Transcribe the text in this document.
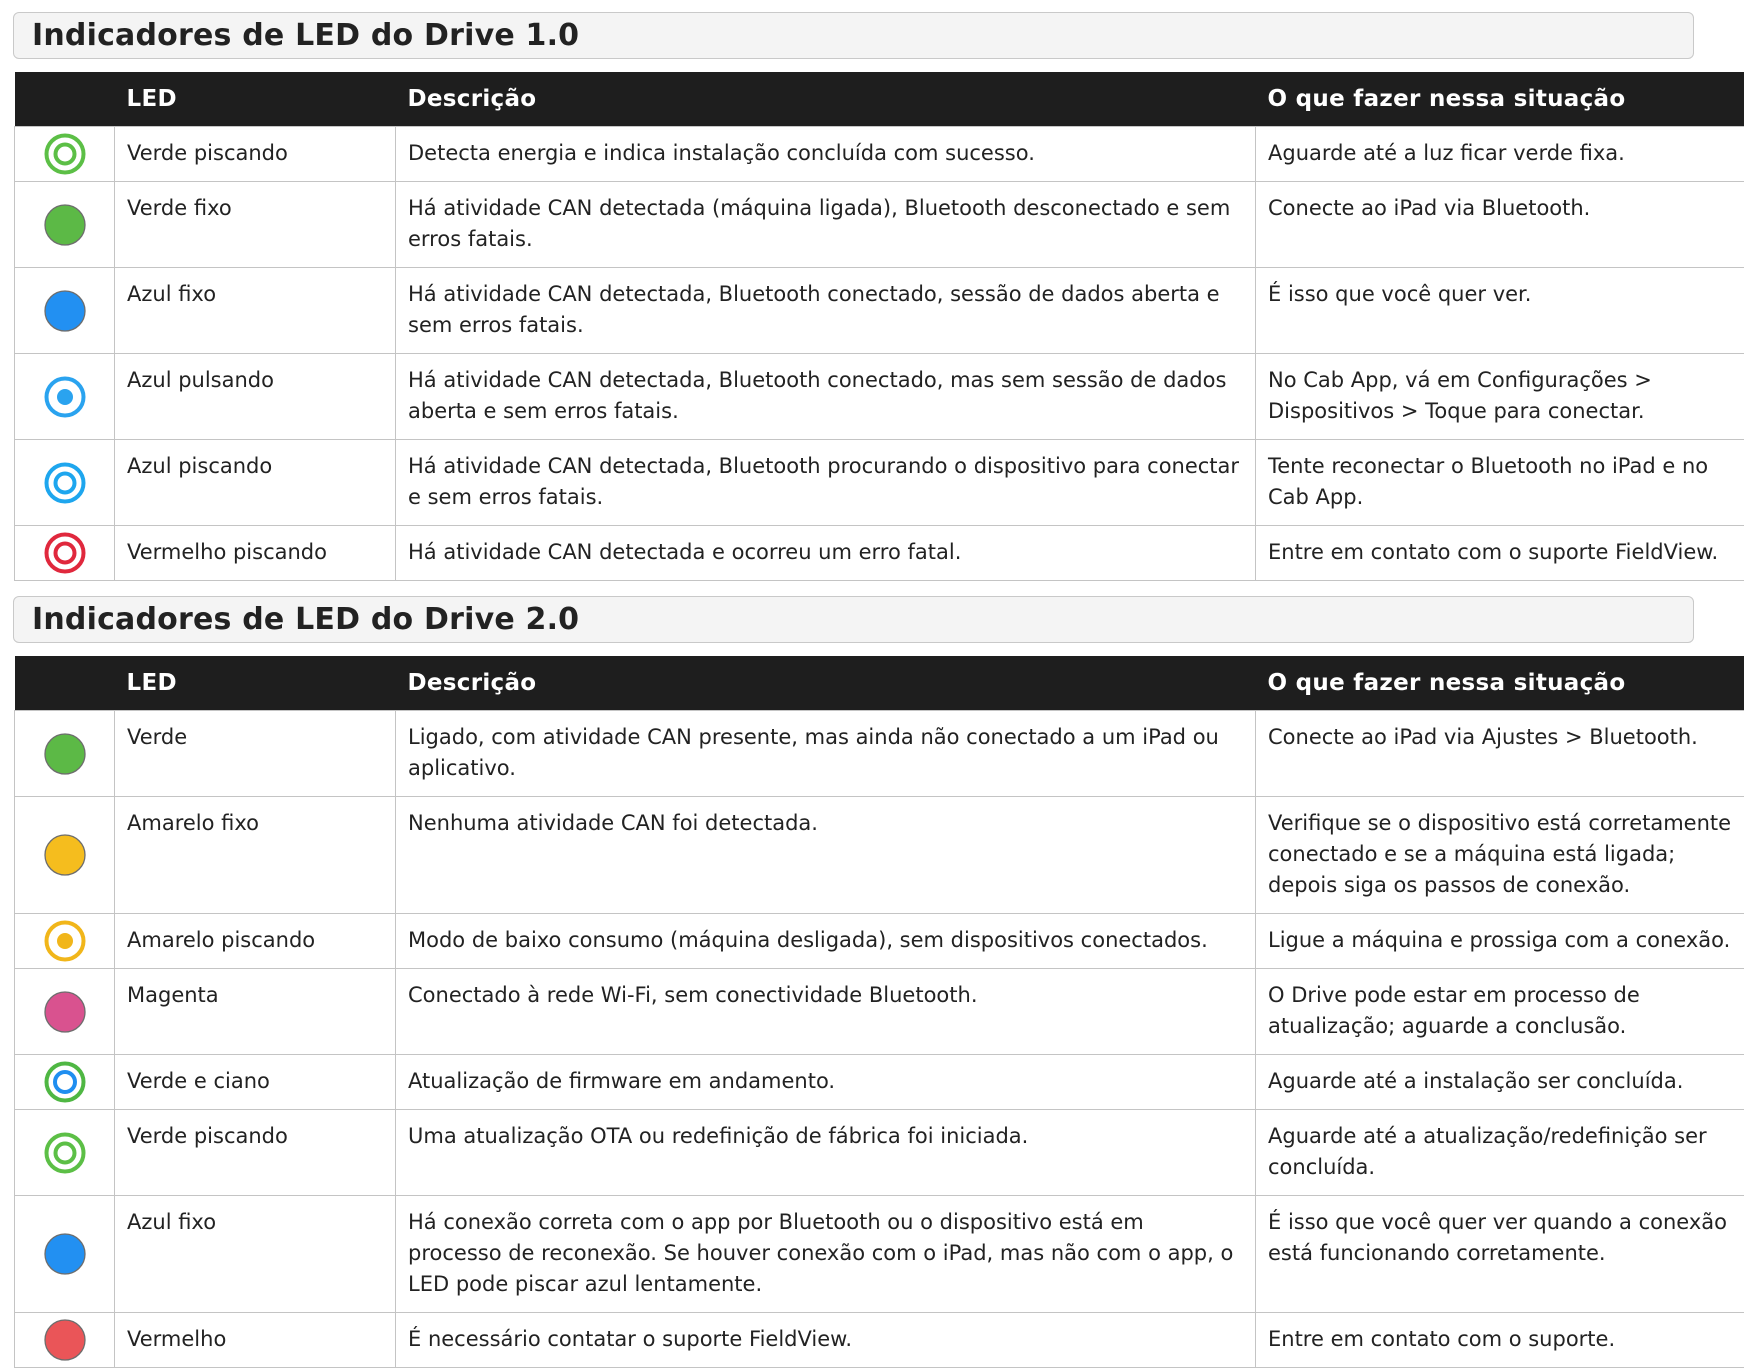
Indicadores de LED do Drive 1.0
	LED	Descrição	O que fazer nessa situação

	Verde piscando	Detecta energia e indica instalação concluída com sucesso.	Aguarde até a luz ficar verde fixa.

	Verde fixo	Há atividade CAN detectada (máquina ligada), Bluetooth desconectado e sem erros fatais.	Conecte ao iPad via Bluetooth.

	Azul fixo	Há atividade CAN detectada, Bluetooth conectado, sessão de dados aberta e sem erros fatais.	É isso que você quer ver.

	Azul pulsando	Há atividade CAN detectada, Bluetooth conectado, mas sem sessão de dados aberta e sem erros fatais.	No Cab App, vá em Configurações > Dispositivos > Toque para conectar.

	Azul piscando	Há atividade CAN detectada, Bluetooth procurando o dispositivo para conectar e sem erros fatais.	Tente reconectar o Bluetooth no iPad e no Cab App.

	Vermelho piscando	Há atividade CAN detectada e ocorreu um erro fatal.	Entre em contato com o suporte FieldView.
Indicadores de LED do Drive 2.0
	LED	Descrição	O que fazer nessa situação

	Verde	Ligado, com atividade CAN presente, mas ainda não conectado a um iPad ou aplicativo.	Conecte ao iPad via Ajustes > Bluetooth.

	Amarelo fixo	Nenhuma atividade CAN foi detectada.	Verifique se o dispositivo está corretamente conectado e se a máquina está ligada; depois siga os passos de conexão.

	Amarelo piscando	Modo de baixo consumo (máquina desligada), sem dispositivos conectados.	Ligue a máquina e prossiga com a conexão.

	Magenta	Conectado à rede Wi-Fi, sem conectividade Bluetooth.	O Drive pode estar em processo de atualização; aguarde a conclusão.

	Verde e ciano	Atualização de firmware em andamento.	Aguarde até a instalação ser concluída.

	Verde piscando	Uma atualização OTA ou redefinição de fábrica foi iniciada.	Aguarde até a atualização/redefinição ser concluída.

	Azul fixo	Há conexão correta com o app por Bluetooth ou o dispositivo está em processo de reconexão. Se houver conexão com o iPad, mas não com o app, o LED pode piscar azul lentamente.	É isso que você quer ver quando a conexão está funcionando corretamente.

	Vermelho	É necessário contatar o suporte FieldView.	Entre em contato com o suporte.
